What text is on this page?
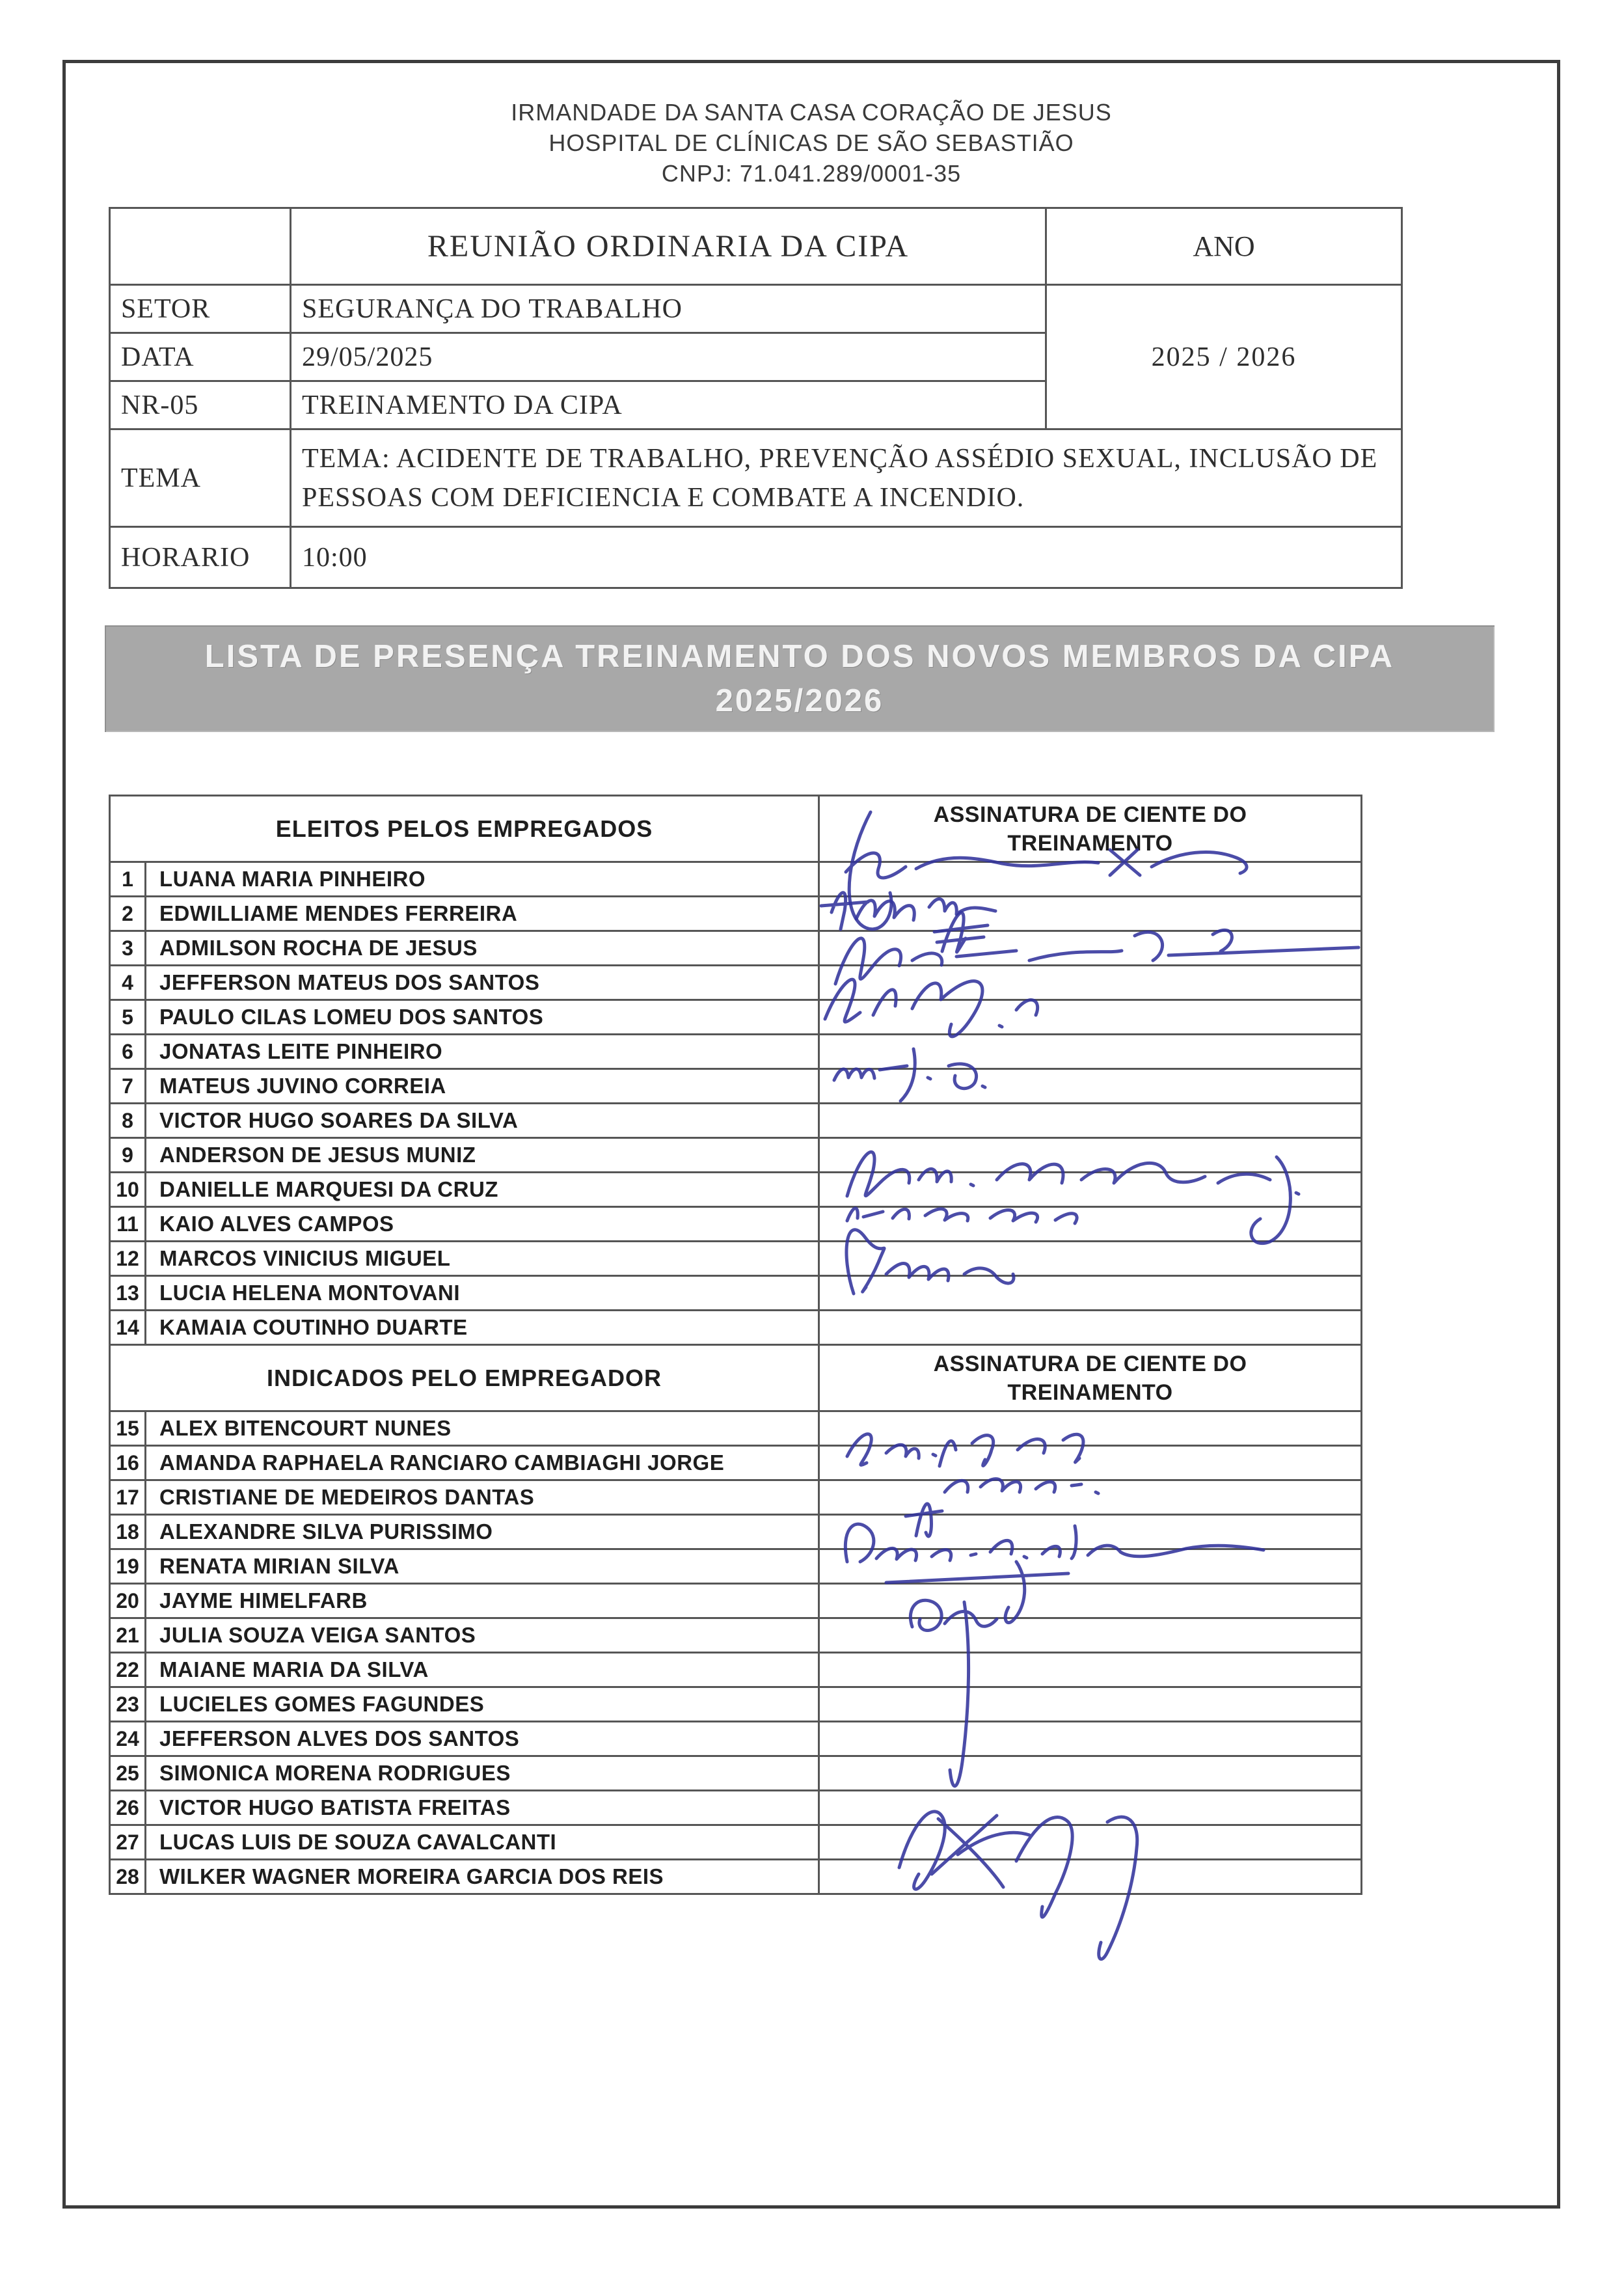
IRMANDADE DA SANTA CASA CORAÇÃO DE JESUS
HOSPITAL DE CLÍNICAS DE SÃO SEBASTIÃO
CNPJ: 71.041.289/0001-35
	REUNIÃO ORDINARIA DA CIPA	ANO
SETOR	SEGURANÇA DO TRABALHO	2025 / 2026
DATA	29/05/2025	
NR-05	TREINAMENTO DA CIPA	
TEMA	TEMA: ACIDENTE DE TRABALHO, PREVENÇÃO ASSÉDIO SEXUAL, INCLUSÃO DE PESSOAS COM DEFICIENCIA E COMBATE A INCENDIO.	
HORARIO	10:00	
LISTA DE PRESENÇA TREINAMENTO DOS NOVOS MEMBROS DA CIPA
2025/2026
ELEITOS PELOS EMPREGADOS		ASSINATURA DE CIENTE DO TREINAMENTO
1	LUANA MARIA PINHEIRO	
2	EDWILLIAME MENDES FERREIRA	
3	ADMILSON ROCHA DE JESUS	
4	JEFFERSON MATEUS DOS SANTOS	
5	PAULO CILAS LOMEU DOS SANTOS	
6	JONATAS LEITE PINHEIRO	
7	MATEUS JUVINO CORREIA	
8	VICTOR HUGO SOARES DA SILVA	
9	ANDERSON DE JESUS MUNIZ	
10	DANIELLE MARQUESI DA CRUZ	
11	KAIO ALVES CAMPOS	
12	MARCOS VINICIUS MIGUEL	
13	LUCIA HELENA MONTOVANI	
14	KAMAIA COUTINHO DUARTE	
INDICADOS PELO EMPREGADOR		ASSINATURA DE CIENTE DO TREINAMENTO
15	ALEX BITENCOURT NUNES	
16	AMANDA RAPHAELA RANCIARO CAMBIAGHI JORGE	
17	CRISTIANE DE MEDEIROS DANTAS	
18	ALEXANDRE SILVA PURISSIMO	
19	RENATA MIRIAN SILVA	
20	JAYME HIMELFARB	
21	JULIA SOUZA VEIGA SANTOS	
22	MAIANE MARIA DA SILVA	
23	LUCIELES GOMES FAGUNDES	
24	JEFFERSON ALVES DOS SANTOS	
25	SIMONICA MORENA RODRIGUES	
26	VICTOR HUGO BATISTA FREITAS	
27	LUCAS LUIS DE SOUZA CAVALCANTI	
28	WILKER WAGNER MOREIRA GARCIA DOS REIS	
